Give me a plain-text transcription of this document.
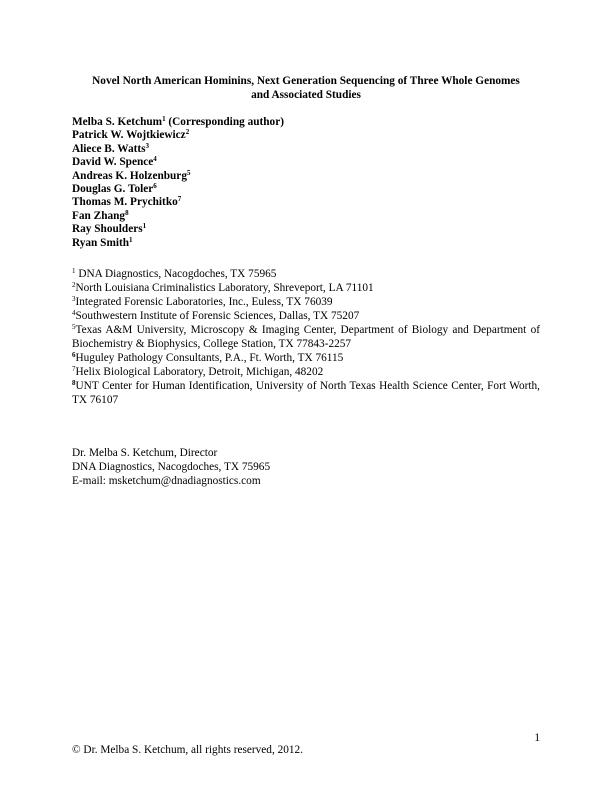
Novel North American Hominins, Next Generation Sequencing of Three Whole Genomes
and Associated Studies
Melba S. Ketchum$^1$ (Corresponding author)
Patrick W. Wojtkiewicz$^2$
Aliece B. Watts$^3$
David W. Spence$^4$
Andreas K. Holzenburg$^5$
Douglas G. Toler$^6$
Thomas M. Prychitko$^7$
Fan Zhang$^8$
Ray Shoulders$^1$
Ryan Smith$^1$
$^1$ DNA Diagnostics, Nacogdoches, TX 75965
$^2$North Louisiana Criminalistics Laboratory, Shreveport, LA 71101
$^3$Integrated Forensic Laboratories, Inc., Euless, TX 76039
$^4$Southwestern Institute of Forensic Sciences, Dallas, TX 75207
$^5$Texas A&M University, Microscopy & Imaging Center, Department of Biology and Department of Biochemistry & Biophysics, College Station, TX 77843-2257
$^6$Huguley Pathology Consultants, P.A., Ft. Worth, TX 76115
$^7$Helix Biological Laboratory, Detroit, Michigan, 48202
$^8$UNT Center for Human Identification, University of North Texas Health Science Center, Fort Worth, TX 76107
Dr. Melba S. Ketchum, Director
DNA Diagnostics, Nacogdoches, TX 75965
E-mail: msketchum@dnadiagnostics.com
1
© Dr. Melba S. Ketchum, all rights reserved, 2012.
